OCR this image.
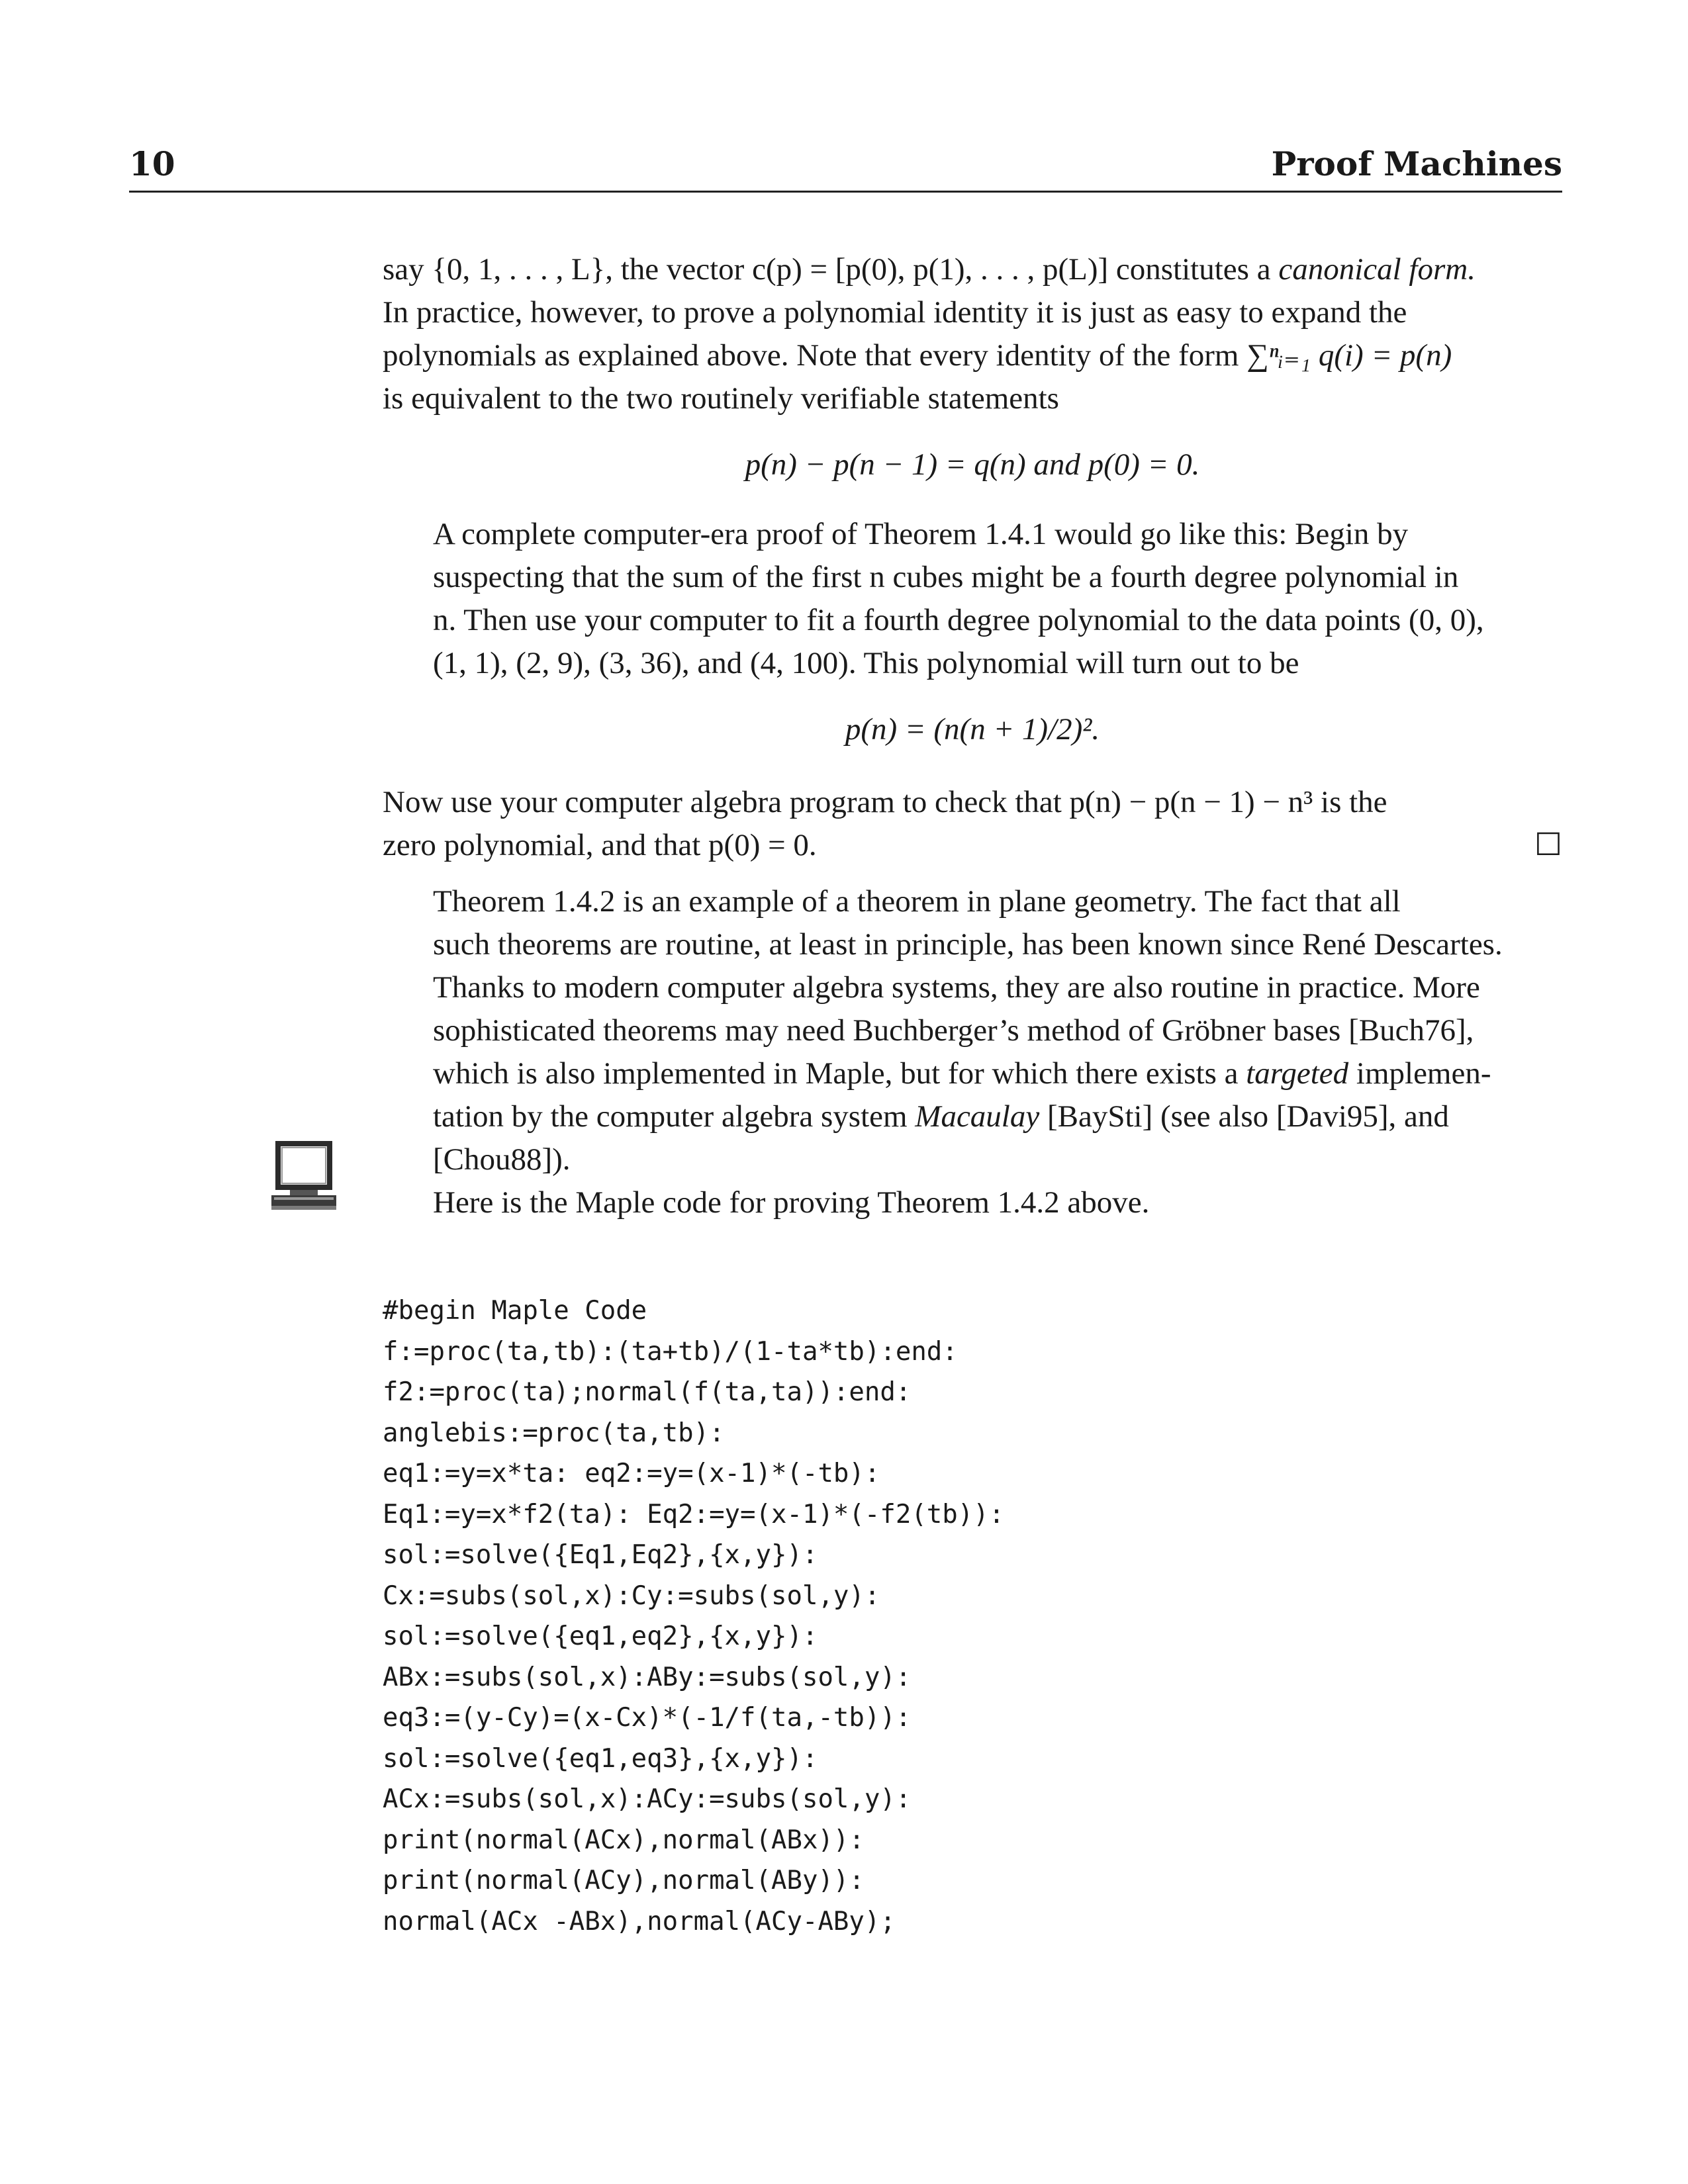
10	Proof Machines

say {0, 1, . . . , L}, the vector c(p) = [p(0), p(1), . . . , p(L)] constitutes a canonical form.
In practice, however, to prove a polynomial identity it is just as easy to expand the
polynomials as explained above. Note that every identity of the form ∑ⁿᵢ₌₁ q(i) = p(n)
is equivalent to the two routinely verifiable statements

p(n) − p(n − 1) = q(n) and p(0) = 0.

A complete computer-era proof of Theorem 1.4.1 would go like this: Begin by
suspecting that the sum of the first n cubes might be a fourth degree polynomial in
n. Then use your computer to fit a fourth degree polynomial to the data points (0, 0),
(1, 1), (2, 9), (3, 36), and (4, 100). This polynomial will turn out to be

p(n) = (n(n + 1)/2)².

Now use your computer algebra program to check that p(n) − p(n − 1) − n³ is the
zero polynomial, and that p(0) = 0.	☐

Theorem 1.4.2 is an example of a theorem in plane geometry. The fact that all
such theorems are routine, at least in principle, has been known since René Descartes.
Thanks to modern computer algebra systems, they are also routine in practice. More
sophisticated theorems may need Buchberger’s method of Gröbner bases [Buch76],
which is also implemented in Maple, but for which there exists a targeted implemen-
tation by the computer algebra system Macaulay [BaySti] (see also [Davi95], and
[Chou88]).

Here is the Maple code for proving Theorem 1.4.2 above.

#begin Maple Code
f:=proc(ta,tb):(ta+tb)/(1-ta*tb):end:
f2:=proc(ta);normal(f(ta,ta)):end:
anglebis:=proc(ta,tb):
eq1:=y=x*ta: eq2:=y=(x-1)*(-tb):
Eq1:=y=x*f2(ta): Eq2:=y=(x-1)*(-f2(tb)):
sol:=solve({Eq1,Eq2},{x,y}):
Cx:=subs(sol,x):Cy:=subs(sol,y):
sol:=solve({eq1,eq2},{x,y}):
ABx:=subs(sol,x):ABy:=subs(sol,y):
eq3:=(y-Cy)=(x-Cx)*(-1/f(ta,-tb)):
sol:=solve({eq1,eq3},{x,y}):
ACx:=subs(sol,x):ACy:=subs(sol,y):
print(normal(ACx),normal(ABx)):
print(normal(ACy),normal(ABy)):
normal(ACx -ABx),normal(ACy-ABy);
